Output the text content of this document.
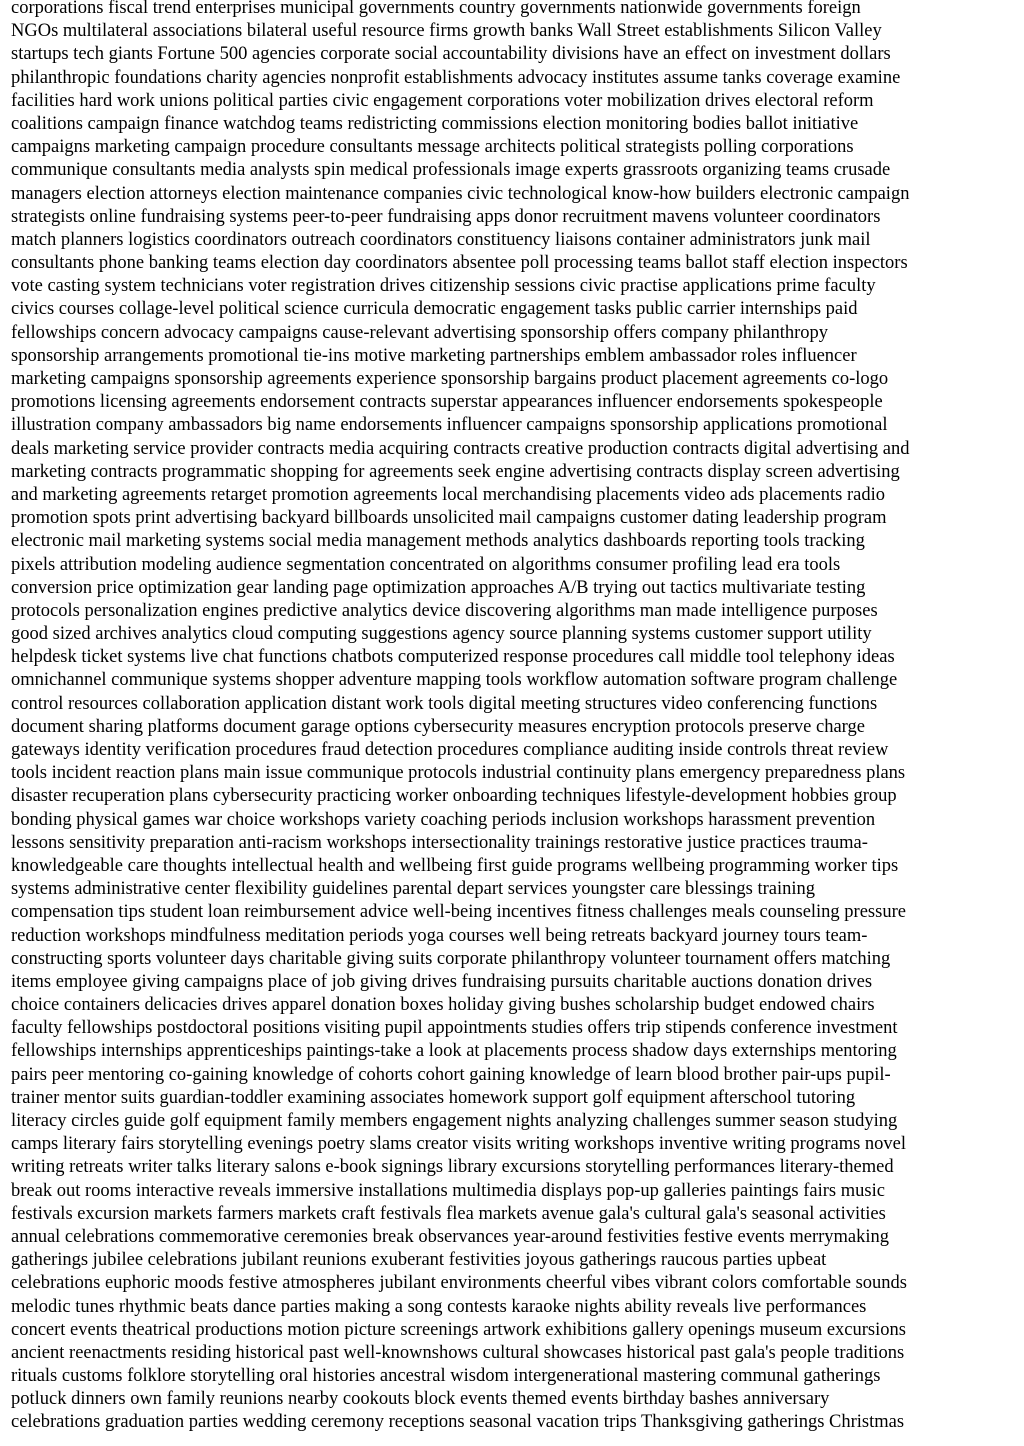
corporations fiscal trend enterprises municipal governments country governments nationwide governments foreign
NGOs multilateral associations bilateral useful resource firms growth banks Wall Street establishments Silicon Valley
startups tech giants Fortune 500 agencies corporate social accountability divisions have an effect on investment dollars
philanthropic foundations charity agencies nonprofit establishments advocacy institutes assume tanks coverage examine
facilities hard work unions political parties civic engagement corporations voter mobilization drives electoral reform
coalitions campaign finance watchdog teams redistricting commissions election monitoring bodies ballot initiative
campaigns marketing campaign procedure consultants message architects political strategists polling corporations
communique consultants media analysts spin medical professionals image experts grassroots organizing teams crusade
managers election attorneys election maintenance companies civic technological know-how builders electronic campaign
strategists online fundraising systems peer-to-peer fundraising apps donor recruitment mavens volunteer coordinators
match planners logistics coordinators outreach coordinators constituency liaisons container administrators junk mail
consultants phone banking teams election day coordinators absentee poll processing teams ballot staff election inspectors
vote casting system technicians voter registration drives citizenship sessions civic practise applications prime faculty
civics courses collage-level political science curricula democratic engagement tasks public carrier internships paid
fellowships concern advocacy campaigns cause-relevant advertising sponsorship offers company philanthropy
sponsorship arrangements promotional tie-ins motive marketing partnerships emblem ambassador roles influencer
marketing campaigns sponsorship agreements experience sponsorship bargains product placement agreements co-logo
promotions licensing agreements endorsement contracts superstar appearances influencer endorsements spokespeople
illustration company ambassadors big name endorsements influencer campaigns sponsorship applications promotional
deals marketing service provider contracts media acquiring contracts creative production contracts digital advertising and
marketing contracts programmatic shopping for agreements seek engine advertising contracts display screen advertising
and marketing agreements retarget promotion agreements local merchandising placements video ads placements radio
promotion spots print advertising backyard billboards unsolicited mail campaigns customer dating leadership program
electronic mail marketing systems social media management methods analytics dashboards reporting tools tracking
pixels attribution modeling audience segmentation concentrated on algorithms consumer profiling lead era tools
conversion price optimization gear landing page optimization approaches A/B trying out tactics multivariate testing
protocols personalization engines predictive analytics device discovering algorithms man made intelligence purposes
good sized archives analytics cloud computing suggestions agency source planning systems customer support utility
helpdesk ticket systems live chat functions chatbots computerized response procedures call middle tool telephony ideas
omnichannel communique systems shopper adventure mapping tools workflow automation software program challenge
control resources collaboration application distant work tools digital meeting structures video conferencing functions
document sharing platforms document garage options cybersecurity measures encryption protocols preserve charge
gateways identity verification procedures fraud detection procedures compliance auditing inside controls threat review
tools incident reaction plans main issue communique protocols industrial continuity plans emergency preparedness plans
disaster recuperation plans cybersecurity practicing worker onboarding techniques lifestyle-development hobbies group
bonding physical games war choice workshops variety coaching periods inclusion workshops harassment prevention
lessons sensitivity preparation anti-racism workshops intersectionality trainings restorative justice practices trauma-
knowledgeable care thoughts intellectual health and wellbeing first guide programs wellbeing programming worker tips
systems administrative center flexibility guidelines parental depart services youngster care blessings training
compensation tips student loan reimbursement advice well-being incentives fitness challenges meals counseling pressure
reduction workshops mindfulness meditation periods yoga courses well being retreats backyard journey tours team-
constructing sports volunteer days charitable giving suits corporate philanthropy volunteer tournament offers matching
items employee giving campaigns place of job giving drives fundraising pursuits charitable auctions donation drives
choice containers delicacies drives apparel donation boxes holiday giving bushes scholarship budget endowed chairs
faculty fellowships postdoctoral positions visiting pupil appointments studies offers trip stipends conference investment
fellowships internships apprenticeships paintings-take a look at placements process shadow days externships mentoring
pairs peer mentoring co-gaining knowledge of cohorts cohort gaining knowledge of learn blood brother pair-ups pupil-
trainer mentor suits guardian-toddler examining associates homework support golf equipment afterschool tutoring
literacy circles guide golf equipment family members engagement nights analyzing challenges summer season studying
camps literary fairs storytelling evenings poetry slams creator visits writing workshops inventive writing programs novel
writing retreats writer talks literary salons e-book signings library excursions storytelling performances literary-themed
break out rooms interactive reveals immersive installations multimedia displays pop-up galleries paintings fairs music
festivals excursion markets farmers markets craft festivals flea markets avenue gala's cultural gala's seasonal activities
annual celebrations commemorative ceremonies break observances year-around festivities festive events merrymaking
gatherings jubilee celebrations jubilant reunions exuberant festivities joyous gatherings raucous parties upbeat
celebrations euphoric moods festive atmospheres jubilant environments cheerful vibes vibrant colors comfortable sounds
melodic tunes rhythmic beats dance parties making a song contests karaoke nights ability reveals live performances
concert events theatrical productions motion picture screenings artwork exhibitions gallery openings museum excursions
ancient reenactments residing historical past well-knownshows cultural showcases historical past gala's people traditions
rituals customs folklore storytelling oral histories ancestral wisdom intergenerational mastering communal gatherings
potluck dinners own family reunions nearby cookouts block events themed events birthday bashes anniversary
celebrations graduation parties wedding ceremony receptions seasonal vacation trips Thanksgiving gatherings Christmas
